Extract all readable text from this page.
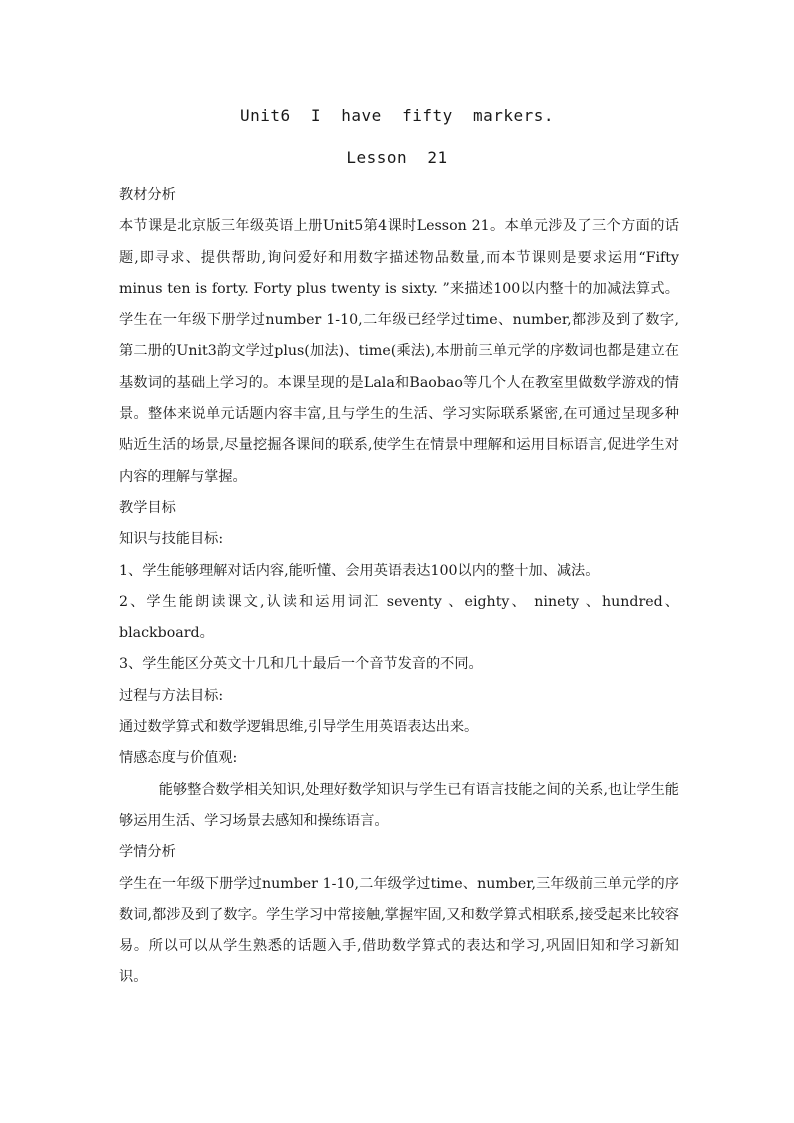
Unit6  I  have  fifty  markers.
Lesson  21

教材分析

本节课是北京版三年级英语上册Unit5第4课时Lesson 21。本单元涉及了三个方面的话题,即寻求、提供帮助,询问爱好和用数字描述物品数量,而本节课则是要求运用“Fifty minus ten is forty. Forty plus twenty is sixty. ”来描述100以内整十的加减法算式。学生在一年级下册学过number 1-10,二年级已经学过time、number,都涉及到了数字,第二册的Unit3韵文学过plus(加法)、time(乘法),本册前三单元学的序数词也都是建立在基数词的基础上学习的。本课呈现的是Lala和Baobao等几个人在教室里做数学游戏的情景。整体来说单元话题内容丰富,且与学生的生活、学习实际联系紧密,在可通过呈现多种贴近生活的场景,尽量挖掘各课间的联系,使学生在情景中理解和运用目标语言,促进学生对内容的理解与掌握。

教学目标

知识与技能目标:

1、学生能够理解对话内容,能听懂、会用英语表达100以内的整十加、减法。

2、学生能朗读课文,认读和运用词汇 seventy 、eighty、 ninety 、hundred、blackboard。

3、学生能区分英文十几和几十最后一个音节发音的不同。

过程与方法目标:

通过数学算式和数学逻辑思维,引导学生用英语表达出来。

情感态度与价值观:

能够整合数学相关知识,处理好数学知识与学生已有语言技能之间的关系,也让学生能够运用生活、学习场景去感知和操练语言。

学情分析

学生在一年级下册学过number 1-10,二年级学过time、number,三年级前三单元学的序数词,都涉及到了数字。学生学习中常接触,掌握牢固,又和数学算式相联系,接受起来比较容易。所以可以从学生熟悉的话题入手,借助数学算式的表达和学习,巩固旧知和学习新知识。
